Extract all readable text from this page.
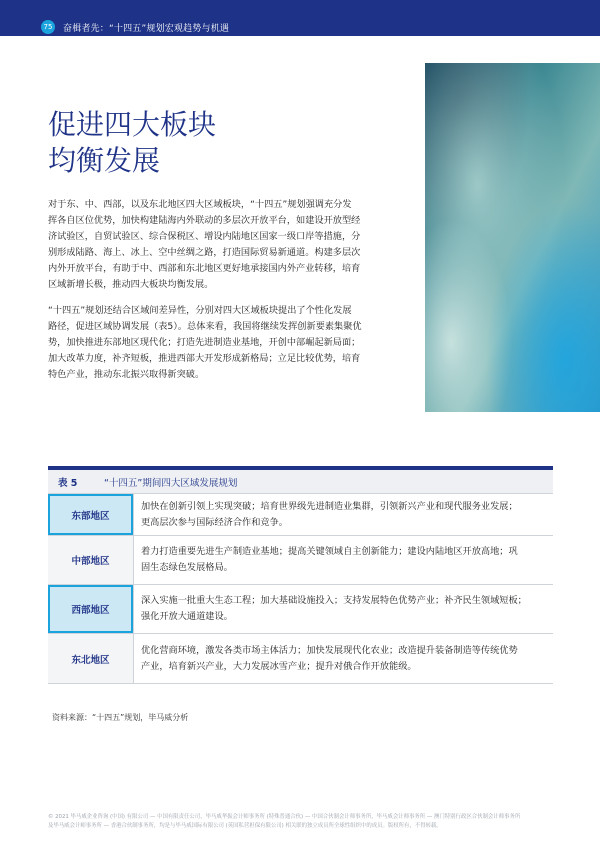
75 奋楫者先：“十四五”规划宏观趋势与机遇
促进四大板块
均衡发展
对于东、中、西部，以及东北地区四大区域板块，“十四五”规划强调充分发
挥各自区位优势，加快构建陆海内外联动的多层次开放平台，如建设开放型经
济试验区，自贸试验区、综合保税区、增设内陆地区国家一级口岸等措施，分
别形成陆路、海上、冰上、空中丝绸之路，打造国际贸易新通道。构建多层次
内外开放平台，有助于中、西部和东北地区更好地承接国内外产业转移，培育
区域新增长极，推动四大板块均衡发展。
“十四五”规划还结合区域间差异性，分别对四大区域板块提出了个性化发展
路径，促进区域协调发展（表5）。总体来看，我国将继续发挥创新要素集聚优
势，加快推进东部地区现代化；打造先进制造业基地，开创中部崛起新局面；
加大改革力度，补齐短板，推进西部大开发形成新格局；立足比较优势，培育
特色产业，推动东北振兴取得新突破。
表 5	“十四五”期间四大区域发展规划
东部地区
加快在创新引领上实现突破；培育世界级先进制造业集群，引领新兴产业和现代服务业发展；
更高层次参与国际经济合作和竞争。
中部地区
着力打造重要先进生产制造业基地；提高关键领域自主创新能力；建设内陆地区开放高地；巩
固生态绿色发展格局。
西部地区
深入实施一批重大生态工程；加大基础设施投入；支持发展特色优势产业；补齐民生领域短板；
强化开放大通道建设。
东北地区
优化营商环境，激发各类市场主体活力；加快发展现代化农业；改造提升装备制造等传统优势
产业，培育新兴产业，大力发展冰雪产业；提升对俄合作开放能级。
资料来源：“十四五”规划，毕马威分析
© 2021 毕马威企业咨询 (中国) 有限公司 — 中国有限责任公司，毕马威华振会计师事务所 (特殊普通合伙) — 中国合伙制会计师事务所，毕马威会计师事务所 — 澳门特别行政区合伙制会计师事务所
及毕马威会计师事务所 — 香港合伙制事务所，均是与毕马威国际有限公司 (英国私营担保有限公司) 相关联的独立成员所全球性组织中的成员。版权所有，不得转载。
